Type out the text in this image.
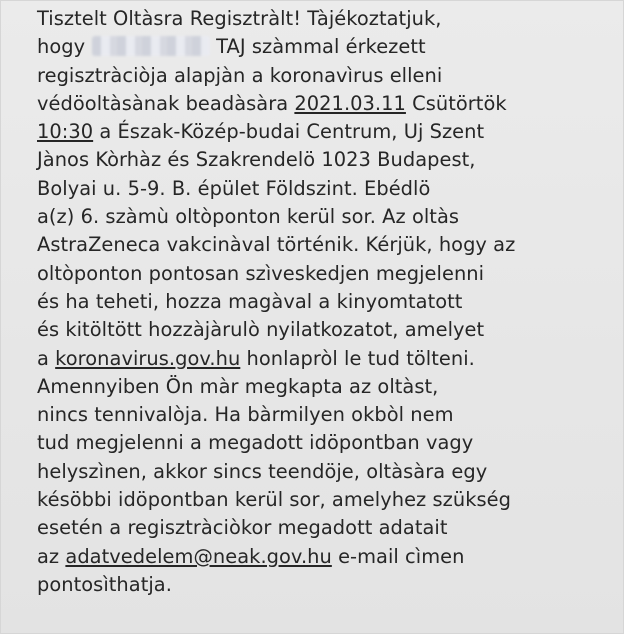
Tisztelt Oltàsra Regisztràlt! Tàjékoztatjuk,
hogy	TAJ szàmmal érkezett
regisztràciòja alapjàn a koronavìrus elleni
védöoltàsànak beadàsàra 2021.03.11 Csütörtök
10:30 a Észak-Közép-budai Centrum, Uj Szent
Jànos Kòrhàz és Szakrendelö 1023 Budapest,
Bolyai u. 5-9. B. épület Földszint. Ebédlö
a(z) 6. szàmù oltòponton kerül sor. Az oltàs
AstraZeneca vakcinàval történik. Kérjük, hogy az
oltòponton pontosan szìveskedjen megjelenni
és ha teheti, hozza magàval a kinyomtatott
és kitöltött hozzàjàrulò nyilatkozatot, amelyet
a koronavirus.gov.hu honlapròl le tud tölteni.
Amennyiben Ön màr megkapta az oltàst,
nincs tennivalòja. Ha bàrmilyen okbòl nem
tud megjelenni a megadott idöpontban vagy
helyszìnen, akkor sincs teendöje, oltàsàra egy
késöbbi idöpontban kerül sor, amelyhez szükség
esetén a regisztràciòkor megadott adatait
az adatvedelem@neak.gov.hu e-mail cìmen
pontosìthatja.
